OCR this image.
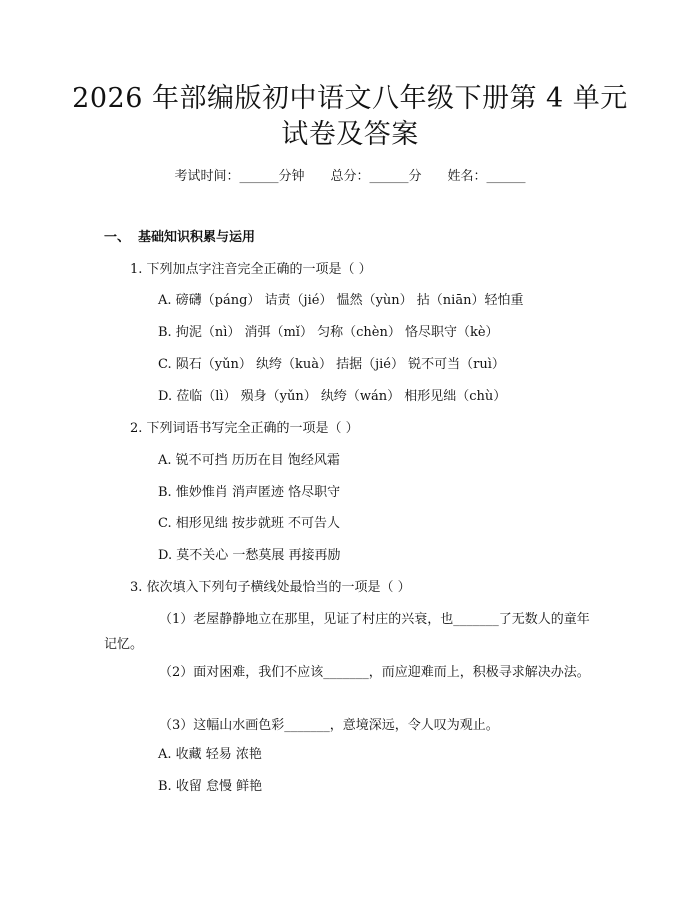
2026 年部编版初中语文八年级下册第 4 单元
试卷及答案
考试时间：______分钟 总分：______分 姓名：______
一、 基础知识积累与运用
1. 下列加点字注音完全正确的一项是（ ）
A. 磅礴（páng） 诘责（jié） 愠然（yùn） 拈（niān）轻怕重
B. 拘泥（nì） 消弭（mǐ） 匀称（chèn） 恪尽职守（kè）
C. 陨石（yǔn） 纨绔（kuà） 拮据（jié） 锐不可当（ruì）
D. 莅临（lì） 殒身（yǔn） 纨绔（wán） 相形见绌（chù）
2. 下列词语书写完全正确的一项是（ ）
A. 锐不可挡 历历在目 饱经风霜
B. 惟妙惟肖 消声匿迹 恪尽职守
C. 相形见绌 按步就班 不可告人
D. 莫不关心 一愁莫展 再接再励
3. 依次填入下列句子横线处最恰当的一项是（ ）
（1）老屋静静地立在那里，见证了村庄的兴衰，也_______了无数人的童年记忆。
（2）面对困难，我们不应该_______，而应迎难而上，积极寻求解决办法。
（3）这幅山水画色彩_______，意境深远，令人叹为观止。
A. 收藏 轻易 浓艳
B. 收留 怠慢 鲜艳
